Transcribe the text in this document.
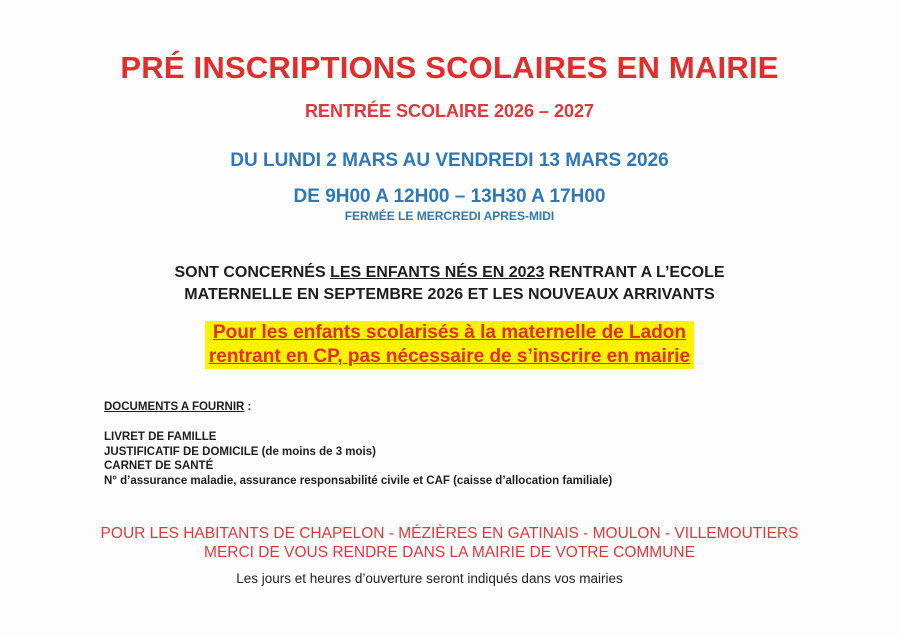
PRÉ INSCRIPTIONS SCOLAIRES EN MAIRIE
RENTRÉE SCOLAIRE 2026 – 2027
DU LUNDI 2 MARS AU VENDREDI 13 MARS 2026
DE 9H00 A 12H00 – 13H30 A 17H00
FERMÉE LE MERCREDI APRES-MIDI
SONT CONCERNÉS LES ENFANTS NÉS EN 2023 RENTRANT A L’ECOLE
MATERNELLE EN SEPTEMBRE 2026 ET LES NOUVEAUX ARRIVANTS
Pour les enfants scolarisés à la maternelle de Ladon
rentrant en CP, pas nécessaire de s’inscrire en mairie
DOCUMENTS A FOURNIR :
LIVRET DE FAMILLE
JUSTIFICATIF DE DOMICILE (de moins de 3 mois)
CARNET DE SANTÉ
N° d’assurance maladie, assurance responsabilité civile et CAF (caisse d’allocation familiale)
POUR LES HABITANTS DE CHAPELON - MÉZIÈRES EN GATINAIS - MOULON - VILLEMOUTIERS
MERCI DE VOUS RENDRE DANS LA MAIRIE DE VOTRE COMMUNE
Les jours et heures d’ouverture seront indiqués dans vos mairies
